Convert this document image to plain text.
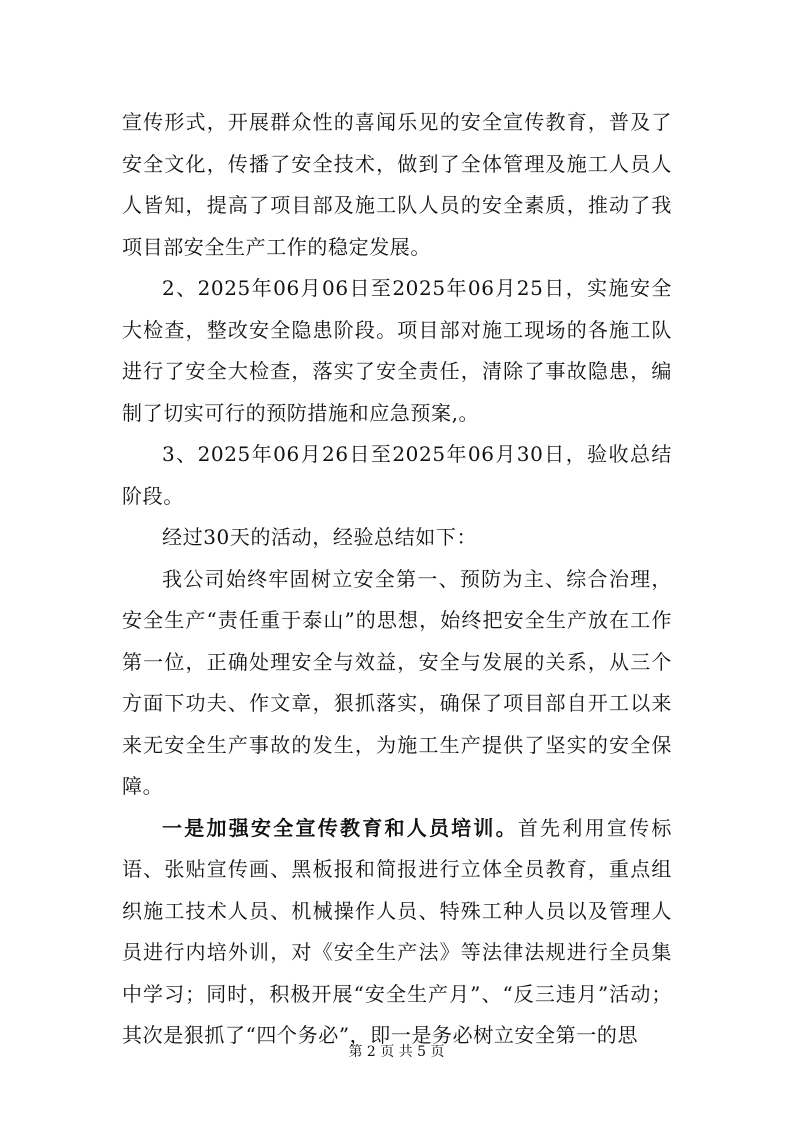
宣传形式，开展群众性的喜闻乐见的安全宣传教育，普及了安全文化，传播了安全技术，做到了全体管理及施工人员人人皆知，提高了项目部及施工队人员的安全素质，推动了我项目部安全生产工作的稳定发展。

2、2025年06月06日至2025年06月25日，实施安全大检查，整改安全隐患阶段。项目部对施工现场的各施工队进行了安全大检查，落实了安全责任，清除了事故隐患，编制了切实可行的预防措施和应急预案,。

3、2025年06月26日至2025年06月30日，验收总结阶段。

经过30天的活动，经验总结如下：

我公司始终牢固树立安全第一、预防为主、综合治理，安全生产“责任重于泰山”的思想，始终把安全生产放在工作第一位，正确处理安全与效益，安全与发展的关系，从三个方面下功夫、作文章，狠抓落实，确保了项目部自开工以来来无安全生产事故的发生，为施工生产提供了坚实的安全保障。

一是加强安全宣传教育和人员培训。首先利用宣传标语、张贴宣传画、黑板报和简报进行立体全员教育，重点组织施工技术人员、机械操作人员、特殊工种人员以及管理人员进行内培外训，对《安全生产法》等法律法规进行全员集中学习；同时，积极开展“安全生产月”、“反三违月”活动；其次是狠抓了“四个务必”，即一是务必树立安全第一的思

第 2 页 共 5 页
